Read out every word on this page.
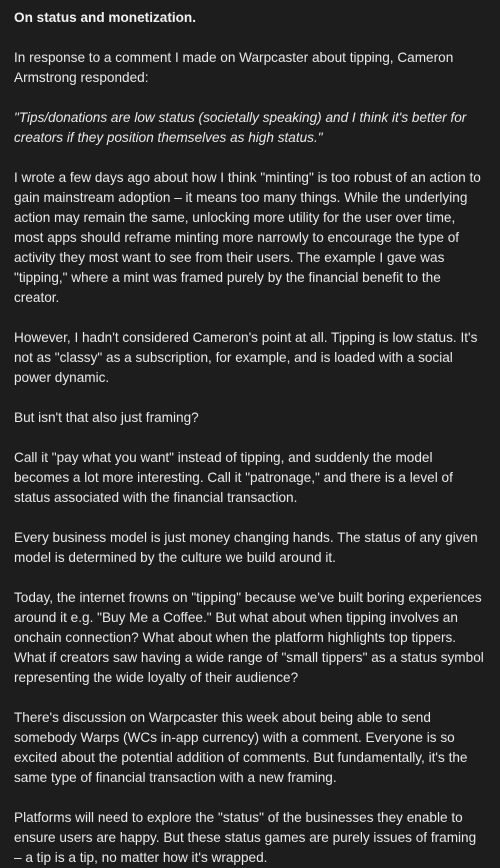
On status and monetization.

In response to a comment I made on Warpcaster about tipping, Cameron Armstrong responded:

"Tips/donations are low status (societally speaking) and I think it's better for creators if they position themselves as high status."

I wrote a few days ago about how I think "minting" is too robust of an action to gain mainstream adoption – it means too many things. While the underlying action may remain the same, unlocking more utility for the user over time, most apps should reframe minting more narrowly to encourage the type of activity they most want to see from their users. The example I gave was "tipping," where a mint was framed purely by the financial benefit to the creator.

However, I hadn't considered Cameron's point at all. Tipping is low status. It's not as "classy" as a subscription, for example, and is loaded with a social power dynamic.

But isn't that also just framing?

Call it "pay what you want" instead of tipping, and suddenly the model becomes a lot more interesting. Call it "patronage," and there is a level of status associated with the financial transaction.

Every business model is just money changing hands. The status of any given model is determined by the culture we build around it.

Today, the internet frowns on "tipping" because we've built boring experiences around it e.g. "Buy Me a Coffee." But what about when tipping involves an onchain connection? What about when the platform highlights top tippers. What if creators saw having a wide range of "small tippers" as a status symbol representing the wide loyalty of their audience?

There's discussion on Warpcaster this week about being able to send somebody Warps (WCs in-app currency) with a comment. Everyone is so excited about the potential addition of comments. But fundamentally, it's the same type of financial transaction with a new framing.

Platforms will need to explore the "status" of the businesses they enable to ensure users are happy. But these status games are purely issues of framing – a tip is a tip, no matter how it's wrapped.
